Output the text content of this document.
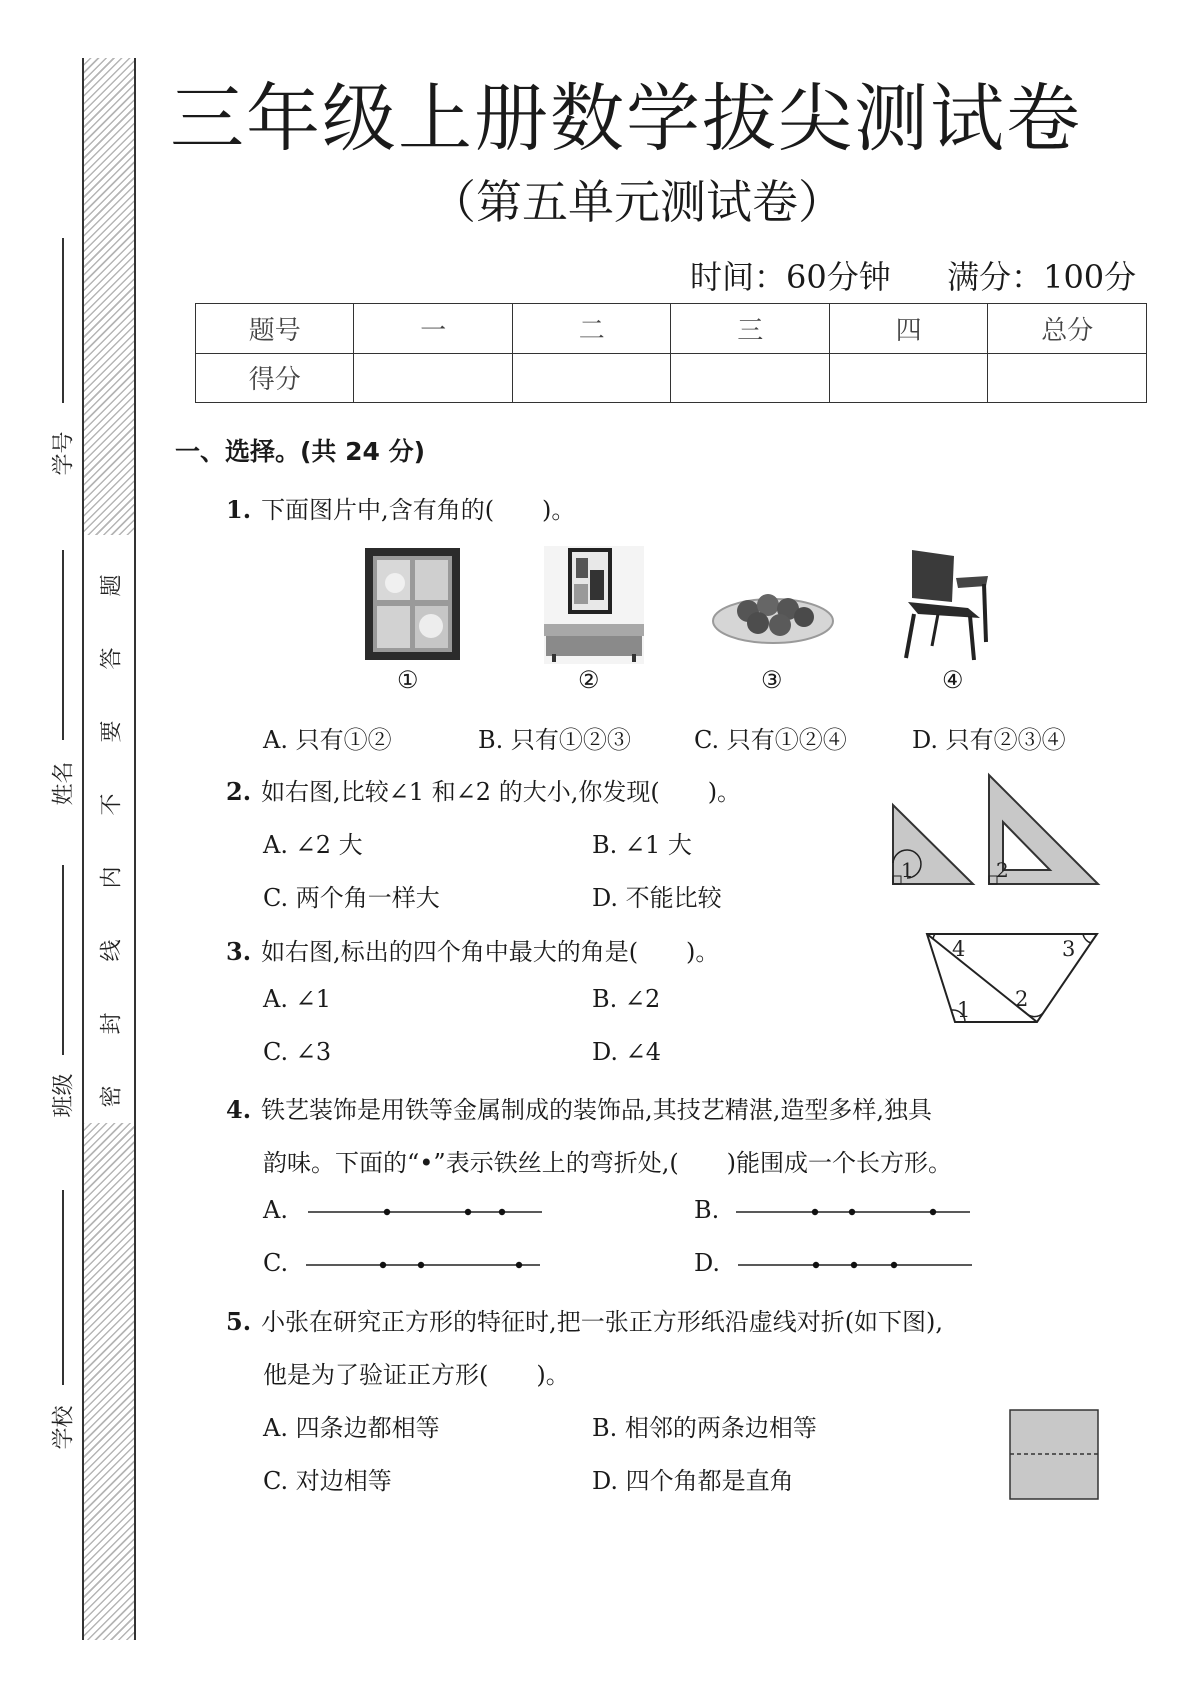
学号
姓名
班级
学校
题
答
要
不
内
线
封
密
三年级上册数学拔尖测试卷
（第五单元测试卷）
时间：60分钟 满分：100分
题号	一	二	三	四	总分
得分					
一、选择。(共 24 分)
1. 下面图片中,含有角的(　　)。
①	②	③	④
A. 只有①②	B. 只有①②③	C. 只有①②④	D. 只有②③④
2. 如右图,比较∠1 和∠2 的大小,你发现(　　)。
A. ∠2 大	B. ∠1 大
C. 两个角一样大	D. 不能比较
1	2
3. 如右图,标出的四个角中最大的角是(　　)。
A. ∠1	B. ∠2
C. ∠3	D. ∠4
1 2
3
4
4. 铁艺装饰是用铁等金属制成的装饰品,其技艺精湛,造型多样,独具
韵味。下面的“•”表示铁丝上的弯折处,(　　)能围成一个长方形。
A.	B.
C.	D.
5. 小张在研究正方形的特征时,把一张正方形纸沿虚线对折(如下图),
他是为了验证正方形(　　)。
A. 四条边都相等	B. 相邻的两条边相等
C. 对边相等	D. 四个角都是直角
